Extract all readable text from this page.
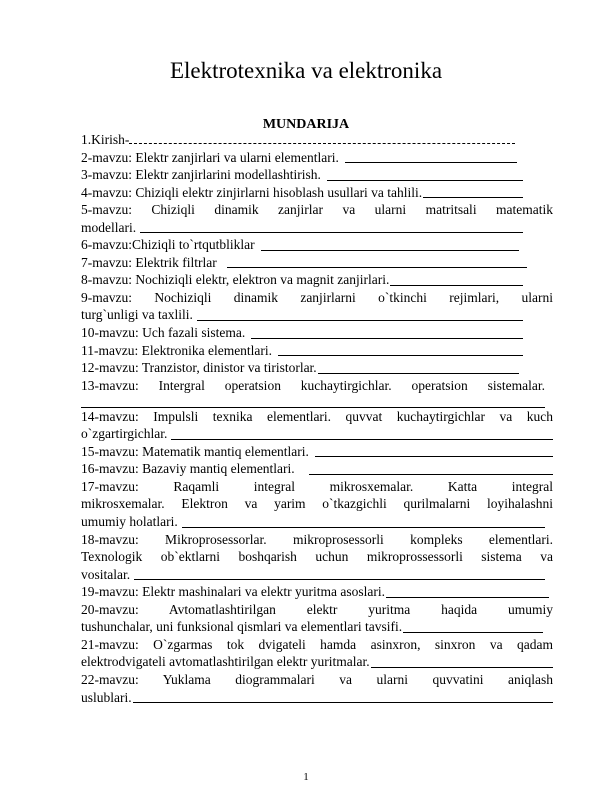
Elektrotexnika va elektronika
MUNDARIJA
1.Kirish-
2-mavzu: Elektr zanjirlari va ularni elementlari.
3-mavzu: Elektr zanjirlarini modellashtirish.
4-mavzu: Chiziqli elektr zinjirlarni hisoblash usullari va tahlili.
5-mavzu: Chiziqli dinamik zanjirlar va ularni matritsali matematik
modellari.
6-mavzu:Chiziqli to`rtqutbliklar
7-mavzu: Elektrik filtrlar
8-mavzu: Nochiziqli elektr, elektron va magnit zanjirlari.
9-mavzu: Nochiziqli dinamik zanjirlarni o`tkinchi rejimlari, ularni
turg`unligi va taxlili.
10-mavzu: Uch fazali sistema.
11-mavzu: Elektronika elementlari.
12-mavzu: Tranzistor, dinistor va tiristorlar.
13-mavzu: Intergral operatsion kuchaytirgichlar. operatsion sistemalar.
14-mavzu: Impulsli texnika elementlari. quvvat kuchaytirgichlar va kuch
o`zgartirgichlar.
15-mavzu: Matematik mantiq elementlari.
16-mavzu: Bazaviy mantiq elementlari.
17-mavzu: Raqamli integral mikrosxemalar. Katta integral
mikrosxemalar. Elektron va yarim o`tkazgichli qurilmalarni loyihalashni
umumiy holatlari.
18-mavzu: Mikroprosessorlar. mikroprosessorli kompleks elementlari.
Texnologik ob`ektlarni boshqarish uchun mikroprossessorli sistema va
vositalar.
19-mavzu: Elektr mashinalari va elektr yuritma asoslari.
20-mavzu: Avtomatlashtirilgan elektr yuritma haqida umumiy
tushunchalar, uni funksional qismlari va elementlari tavsifi.
21-mavzu: O`zgarmas tok dvigateli hamda asinxron, sinxron va qadam
elektrodvigateli avtomatlashtirilgan elektr yuritmalar.
22-mavzu: Yuklama diogrammalari va ularni quvvatini aniqlash
uslublari.
1
